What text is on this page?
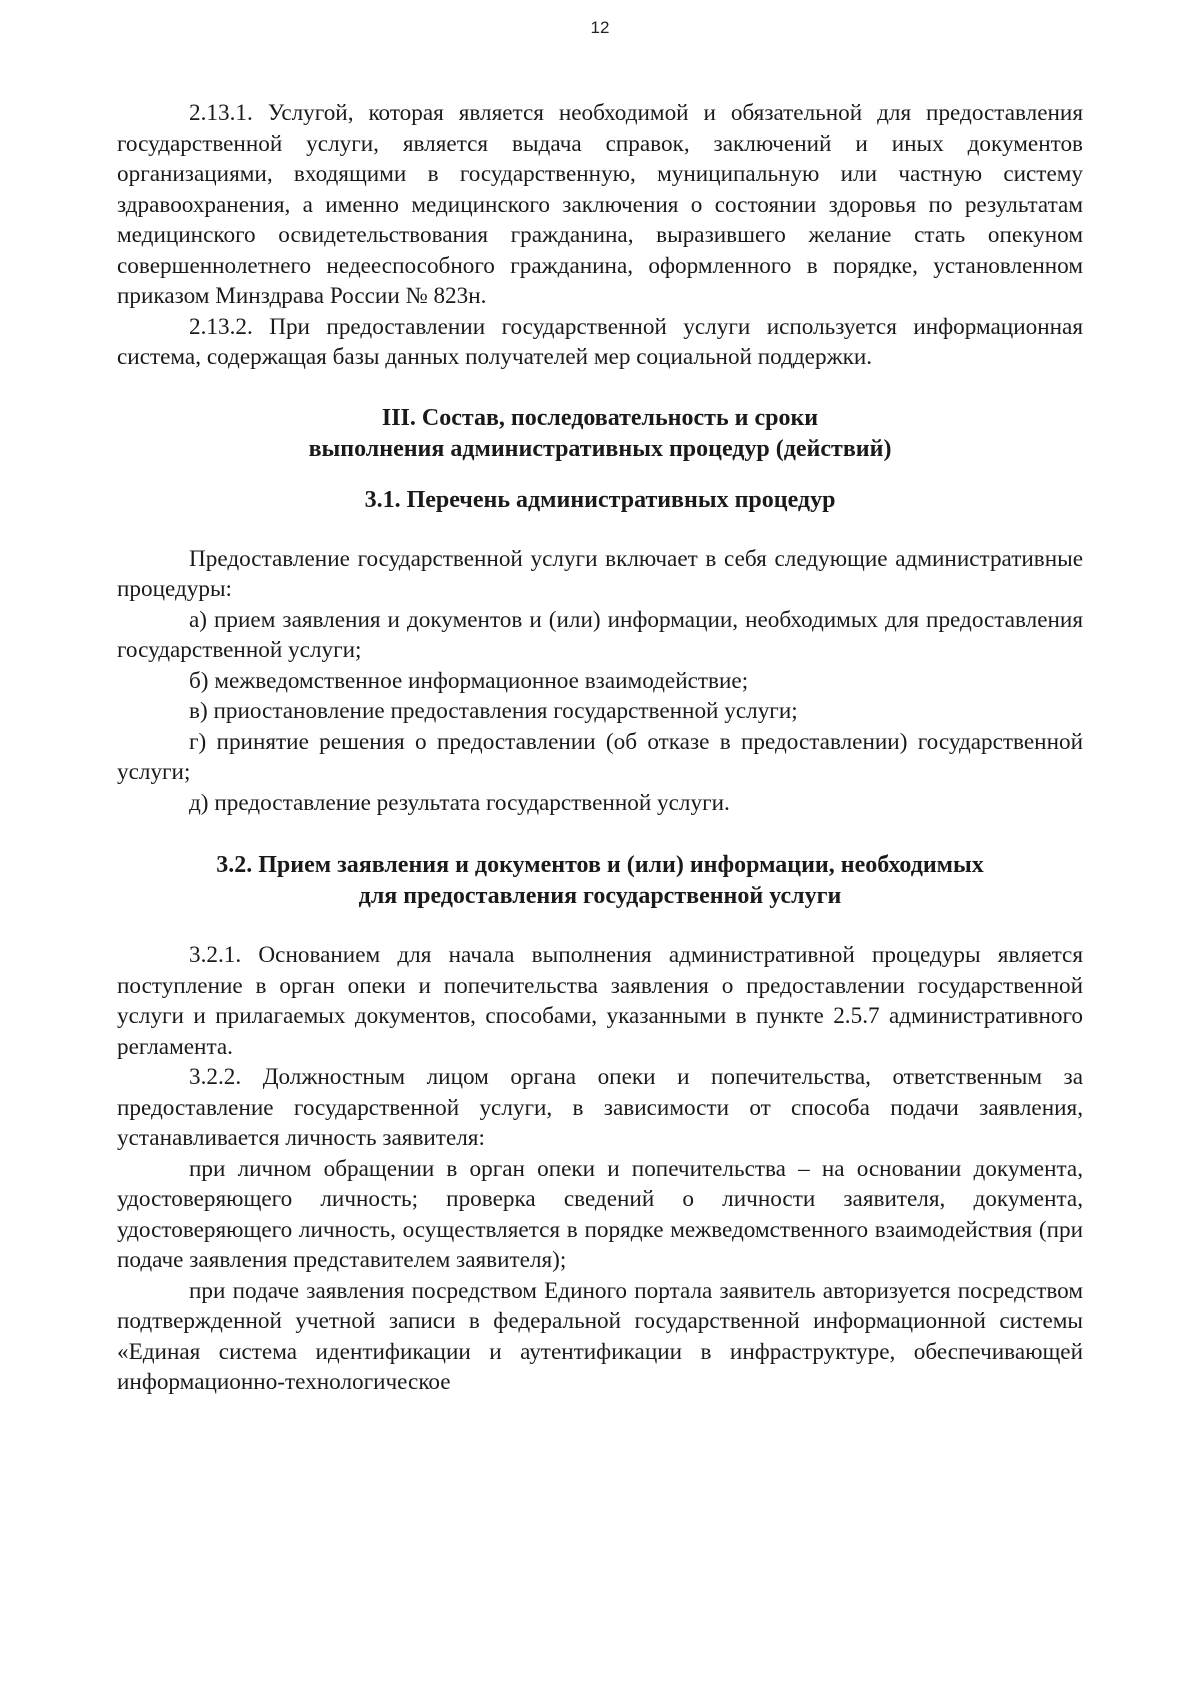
12

2.13.1. Услугой, которая является необходимой и обязательной для предоставления государственной услуги, является выдача справок, заключений и иных документов организациями, входящими в государственную, муниципальную или частную систему здравоохранения, а именно медицинского заключения о состоянии здоровья по результатам медицинского освидетельствования гражданина, выразившего желание стать опекуном совершеннолетнего недееспособного гражданина, оформленного в порядке, установленном приказом Минздрава России № 823н.

2.13.2. При предоставлении государственной услуги используется информационная система, содержащая базы данных получателей мер социальной поддержки.

III. Состав, последовательность и сроки
выполнения административных процедур (действий)
3.1. Перечень административных процедур

Предоставление государственной услуги включает в себя следующие административные процедуры:

а) прием заявления и документов и (или) информации, необходимых для предоставления государственной услуги;

б) межведомственное информационное взаимодействие;

в) приостановление предоставления государственной услуги;

г) принятие решения о предоставлении (об отказе в предоставлении) государственной услуги;

д) предоставление результата государственной услуги.

3.2. Прием заявления и документов и (или) информации, необходимых
для предоставления государственной услуги

3.2.1. Основанием для начала выполнения административной процедуры является поступление в орган опеки и попечительства заявления о предоставлении государственной услуги и прилагаемых документов, способами, указанными в пункте 2.5.7 административного регламента.

3.2.2. Должностным лицом органа опеки и попечительства, ответственным за предоставление государственной услуги, в зависимости от способа подачи заявления, устанавливается личность заявителя:

при личном обращении в орган опеки и попечительства – на основании документа, удостоверяющего личность; проверка сведений о личности заявителя, документа, удостоверяющего личность, осуществляется в порядке межведомственного взаимодействия (при подаче заявления представителем заявителя);

при подаче заявления посредством Единого портала заявитель авторизуется посредством подтвержденной учетной записи в федеральной государственной информационной системы «Единая система идентификации и аутентификации в инфраструктуре, обеспечивающей информационно-технологическое
